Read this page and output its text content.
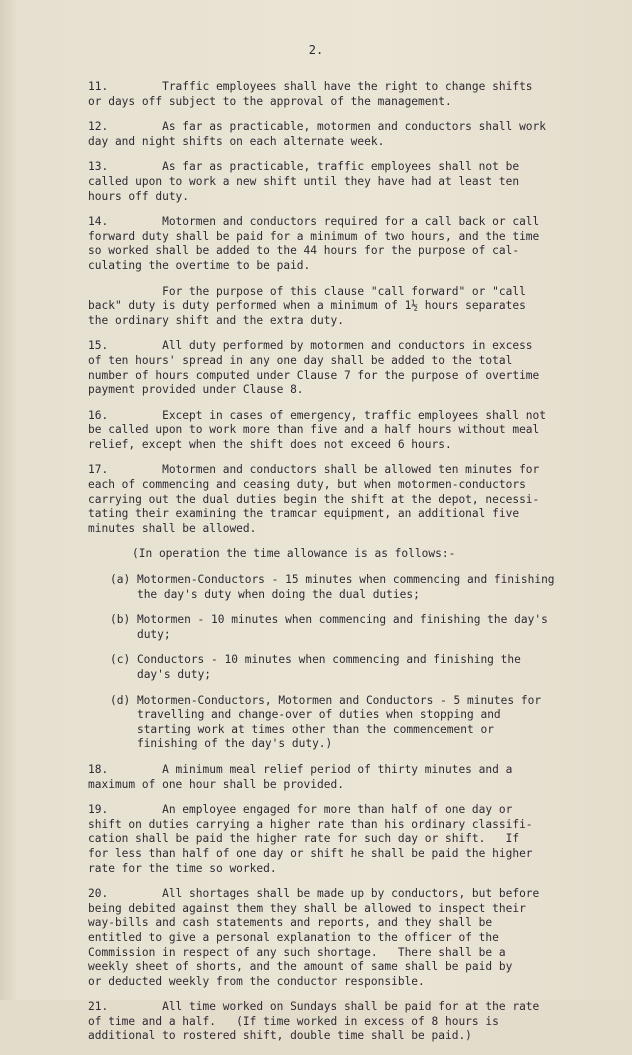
2.

11.        Traffic employees shall have the right to change shifts
or days off subject to the approval of the management.

12.        As far as practicable, motormen and conductors shall work
day and night shifts on each alternate week.

13.        As far as practicable, traffic employees shall not be
called upon to work a new shift until they have had at least ten
hours off duty.

14.        Motormen and conductors required for a call back or call
forward duty shall be paid for a minimum of two hours, and the time
so worked shall be added to the 44 hours for the purpose of cal-
culating the overtime to be paid.

For the purpose of this clause "call forward" or "call
back" duty is duty performed when a minimum of 1½ hours separates
the ordinary shift and the extra duty.

15.        All duty performed by motormen and conductors in excess
of ten hours' spread in any one day shall be added to the total
number of hours computed under Clause 7 for the purpose of overtime
payment provided under Clause 8.

16.        Except in cases of emergency, traffic employees shall not
be called upon to work more than five and a half hours without meal
relief, except when the shift does not exceed 6 hours.

17.        Motormen and conductors shall be allowed ten minutes for
each of commencing and ceasing duty, but when motormen-conductors
carrying out the dual duties begin the shift at the depot, necessi-
tating their examining the tramcar equipment, an additional five
minutes shall be allowed.

(In operation the time allowance is as follows:-

(a) Motormen-Conductors - 15 minutes when commencing and finishing
the day's duty when doing the dual duties;

(b) Motormen - 10 minutes when commencing and finishing the day's
duty;

(c) Conductors - 10 minutes when commencing and finishing the
day's duty;

(d) Motormen-Conductors, Motormen and Conductors - 5 minutes for
travelling and change-over of duties when stopping and
starting work at times other than the commencement or
finishing of the day's duty.)

18.        A minimum meal relief period of thirty minutes and a
maximum of one hour shall be provided.

19.        An employee engaged for more than half of one day or
shift on duties carrying a higher rate than his ordinary classifi-
cation shall be paid the higher rate for such day or shift.   If
for less than half of one day or shift he shall be paid the higher
rate for the time so worked.

20.        All shortages shall be made up by conductors, but before
being debited against them they shall be allowed to inspect their
way-bills and cash statements and reports, and they shall be
entitled to give a personal explanation to the officer of the
Commission in respect of any such shortage.   There shall be a
weekly sheet of shorts, and the amount of same shall be paid by
or deducted weekly from the conductor responsible.

21.        All time worked on Sundays shall be paid for at the rate
of time and a half.   (If time worked in excess of 8 hours is
additional to rostered shift, double time shall be paid.)
